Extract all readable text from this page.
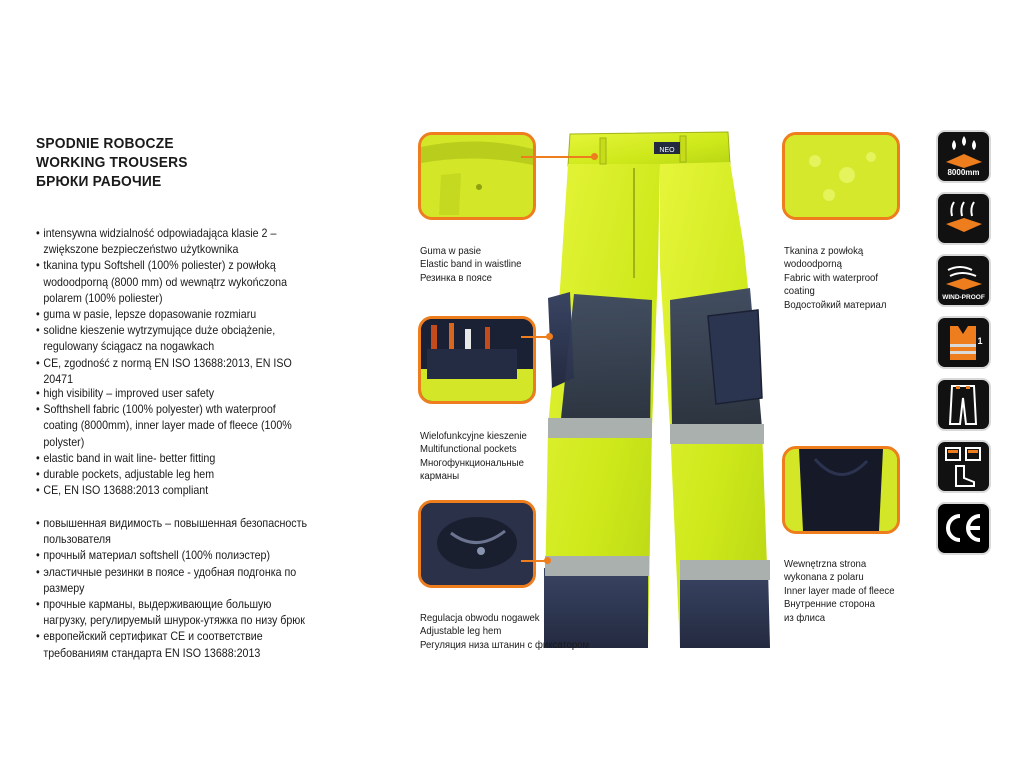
SPODNIE ROBOCZE
WORKING TROUSERS
БРЮКИ РАБОЧИЕ
• intensywna widzialność odpowiadająca klasie 2 – zwiększone bezpieczeństwo użytkownika
• tkanina typu Softshell (100% poliester) z powłoką wodoodporną (8000 mm) od wewnątrz wykończona polarem (100% poliester)
• guma w pasie, lepsze dopasowanie rozmiaru
• solidne kieszenie wytrzymujące duże obciążenie, regulowany ściągacz na nogawkach
• CE, zgodność z normą EN ISO 13688:2013, EN ISO 20471
• high visibility – improved user safety
• Softhshell fabric (100% polyester) wth waterproof coating (8000mm), inner layer made of fleece (100% polyster)
• elastic band in wait line- better fitting
• durable pockets, adjustable leg hem
• CE, EN ISO 13688:2013 compliant
• повышенная видимость – повышенная безопасность пользователя
• прочный материал softshell (100% полиэстер)
• эластичные резинки в поясе - удобная подгонка по размеру
• прочные карманы, выдерживающие большую нагрузку, регулируемый шнурок-утяжка по низу брюк
• европейский сертификат CE и соответствие требованиям стандарта EN ISO 13688:2013
NEO
Guma w pasie
Elastic band in waistline
Резинка в поясе
Wielofunkcyjne kieszenie
Multifunctional pockets
Многофункциональные
карманы
Regulacja obwodu nogawek
Adjustable leg hem
Регуляция низа штанин с фиксатором
Tkanina z powłoką
wodoodporną
Fabric with waterproof
coating
Водостойкий материал
Wewnętrzna strona
wykonana z polaru
Inner layer made of fleece
Внутренние сторона
из флиса
8000mm
WIND-PROOF
1
